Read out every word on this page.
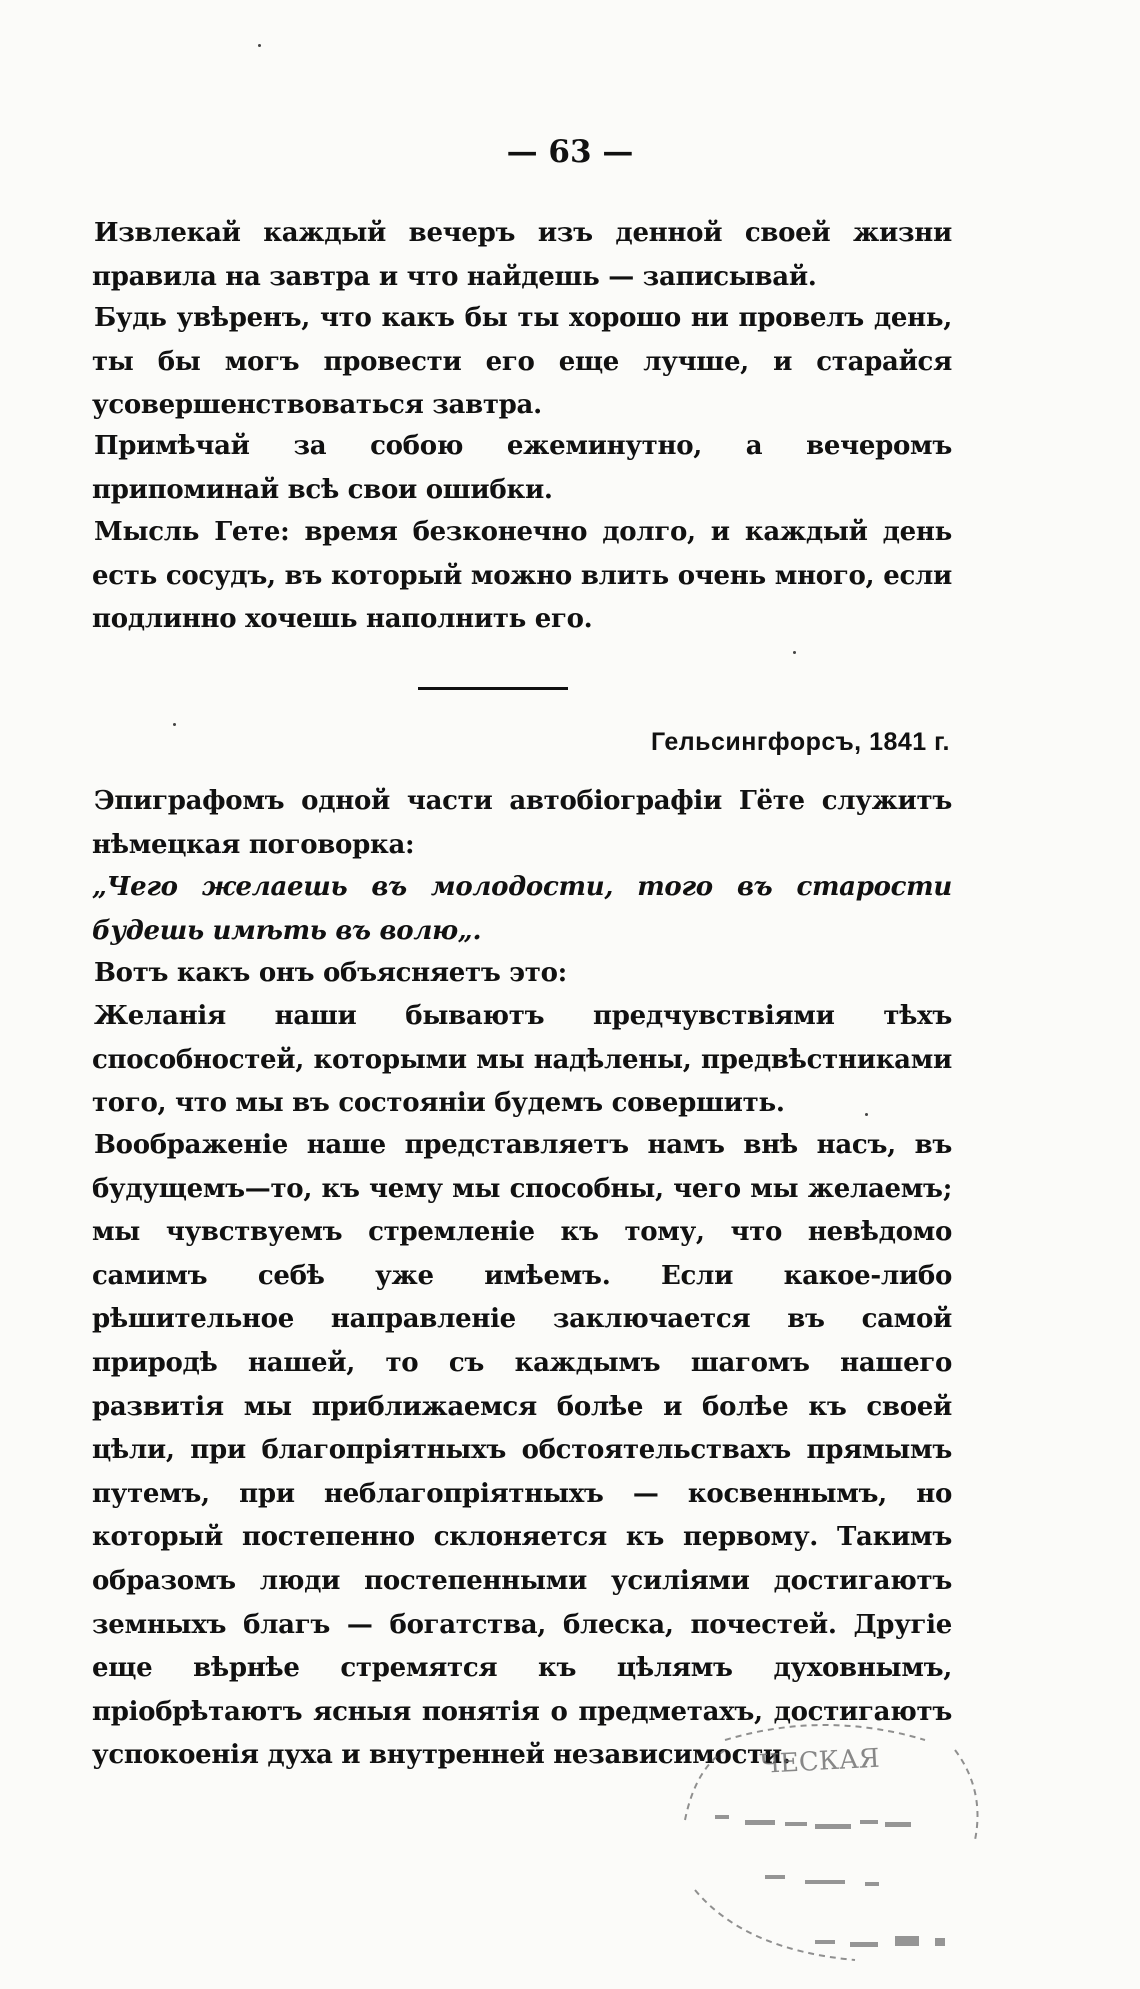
— 63 —

Извлекай каждый вечеръ изъ денной своей жизни правила на завтра и что найдешь — записывай.

Будь увѣренъ, что какъ бы ты хорошо ни провелъ день, ты бы могъ провести его еще лучше, и старайся усовершенствоваться завтра.

Примѣчай за собою ежеминутно, а вечеромъ припоминай всѣ свои ошибки.

Мысль Гете: время безконечно долго, и каждый день есть сосудъ, въ который можно влить очень много, если подлинно хочешь наполнить его.

Гельсингфорсъ, 1841 г.

Эпиграфомъ одной части автобіографіи Гёте служитъ нѣмецкая поговорка:

„Чего желаешь въ молодости, того въ старости будешь имѣть въ волю„.

Вотъ какъ онъ объясняетъ это:

Желанія наши бываютъ предчувствіями тѣхъ способностей, которыми мы надѣлены, предвѣстниками того, что мы въ состояніи будемъ совершить.

Воображеніе наше представляетъ намъ внѣ насъ, въ будущемъ—то, къ чему мы способны, чего мы желаемъ; мы чувствуемъ стремленіе къ тому, что невѣдомо самимъ себѣ уже имѣемъ. Если какое-либо рѣшительное направленіе заключается въ самой природѣ нашей, то съ каждымъ шагомъ нашего развитія мы приближаемся болѣе и болѣе къ своей цѣли, при благопріятныхъ обстоятельствахъ прямымъ путемъ, при неблагопріятныхъ — косвеннымъ, но который постепенно склоняется къ первому. Такимъ образомъ люди постепенными усиліями достигаютъ земныхъ благъ — богатства, блеска, почестей. Другіе еще вѣрнѣе стремятся къ цѣлямъ духовнымъ, пріобрѣтаютъ ясныя понятія о предметахъ, достигаютъ успокоенія духа и внутренней независимости.

ЧЕСКАЯ
